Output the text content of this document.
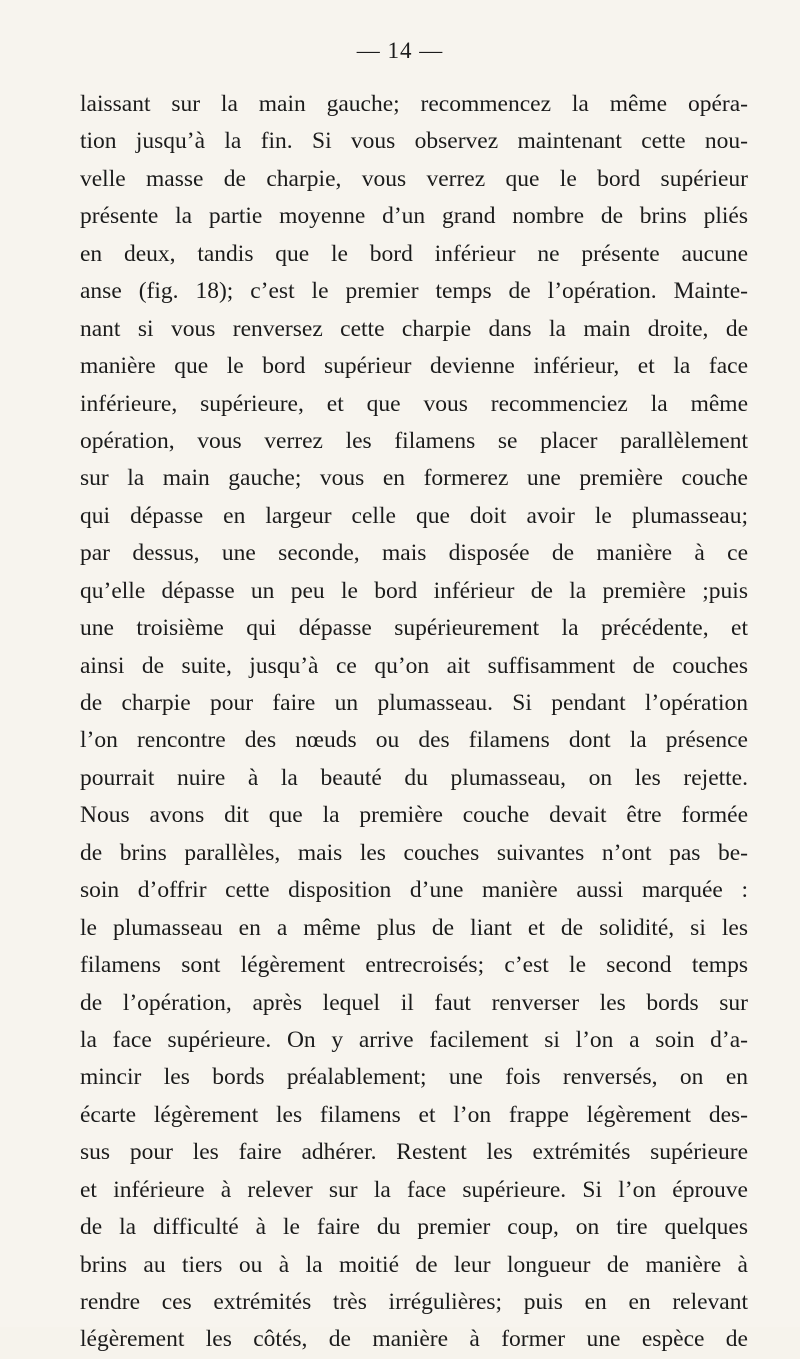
— 14 —
laissant sur la main gauche; recommencez la même opéra-
tion jusqu’à la fin. Si vous observez maintenant cette nou-
velle masse de charpie, vous verrez que le bord supérieur
présente la partie moyenne d’un grand nombre de brins pliés
en deux, tandis que le bord inférieur ne présente aucune
anse (fig. 18); c’est le premier temps de l’opération. Mainte-
nant si vous renversez cette charpie dans la main droite, de
manière que le bord supérieur devienne inférieur, et la face
inférieure, supérieure, et que vous recommenciez la même
opération, vous verrez les filamens se placer parallèlement
sur la main gauche; vous en formerez une première couche
qui dépasse en largeur celle que doit avoir le plumasseau;
par dessus, une seconde, mais disposée de manière à ce
qu’elle dépasse un peu le bord inférieur de la première ;puis
une troisième qui dépasse supérieurement la précédente, et
ainsi de suite, jusqu’à ce qu’on ait suffisamment de couches
de charpie pour faire un plumasseau. Si pendant l’opération
l’on rencontre des nœuds ou des filamens dont la présence
pourrait nuire à la beauté du plumasseau, on les rejette.
Nous avons dit que la première couche devait être formée
de brins parallèles, mais les couches suivantes n’ont pas be-
soin d’offrir cette disposition d’une manière aussi marquée :
le plumasseau en a même plus de liant et de solidité, si les
filamens sont légèrement entrecroisés; c’est le second temps
de l’opération, après lequel il faut renverser les bords sur
la face supérieure. On y arrive facilement si l’on a soin d’a-
mincir les bords préalablement; une fois renversés, on en
écarte légèrement les filamens et l’on frappe légèrement des-
sus pour les faire adhérer. Restent les extrémités supérieure
et inférieure à relever sur la face supérieure. Si l’on éprouve
de la difficulté à le faire du premier coup, on tire quelques
brins au tiers ou à la moitié de leur longueur de manière à
rendre ces extrémités très irrégulières; puis en en relevant
légèrement les côtés, de manière à former une espèce de
